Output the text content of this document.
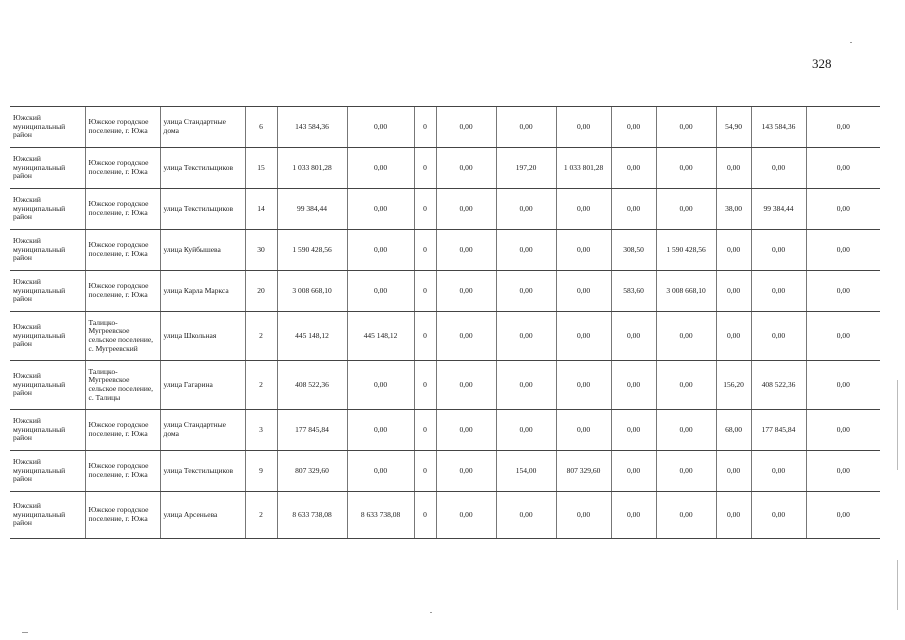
328
Южский муниципальный район	Южское городское поселение, г. Южа	улица Стандартные дома	6	143 584,36	0,00	0	0,00	0,00	0,00	0,00	0,00	54,90	143 584,36	0,00
Южский муниципальный район	Южское городское поселение, г. Южа	улица Текстильщиков	15	1 033 801,28	0,00	0	0,00	197,20	1 033 801,28	0,00	0,00	0,00	0,00	0,00
Южский муниципальный район	Южское городское поселение, г. Южа	улица Текстильщиков	14	99 384,44	0,00	0	0,00	0,00	0,00	0,00	0,00	38,00	99 384,44	0,00
Южский муниципальный район	Южское городское поселение, г. Южа	улица Куйбышева	30	1 590 428,56	0,00	0	0,00	0,00	0,00	308,50	1 590 428,56	0,00	0,00	0,00
Южский муниципальный район	Южское городское поселение, г. Южа	улица Карла Маркса	20	3 008 668,10	0,00	0	0,00	0,00	0,00	583,60	3 008 668,10	0,00	0,00	0,00
Южский муниципальный район	Талицко-Мугреевское сельское поселение, с. Мугреевский	улица Школьная	2	445 148,12	445 148,12	0	0,00	0,00	0,00	0,00	0,00	0,00	0,00	0,00
Южский муниципальный район	Талицко-Мугреевское сельское поселение, с. Талицы	улица Гагарина	2	408 522,36	0,00	0	0,00	0,00	0,00	0,00	0,00	156,20	408 522,36	0,00
Южский муниципальный район	Южское городское поселение, г. Южа	улица Стандартные дома	3	177 845,84	0,00	0	0,00	0,00	0,00	0,00	0,00	68,00	177 845,84	0,00
Южский муниципальный район	Южское городское поселение, г. Южа	улица Текстильщиков	9	807 329,60	0,00	0	0,00	154,00	807 329,60	0,00	0,00	0,00	0,00	0,00
Южский муниципальный район	Южское городское поселение, г. Южа	улица Арсеньева	2	8 633 738,08	8 633 738,08	0	0,00	0,00	0,00	0,00	0,00	0,00	0,00	0,00
